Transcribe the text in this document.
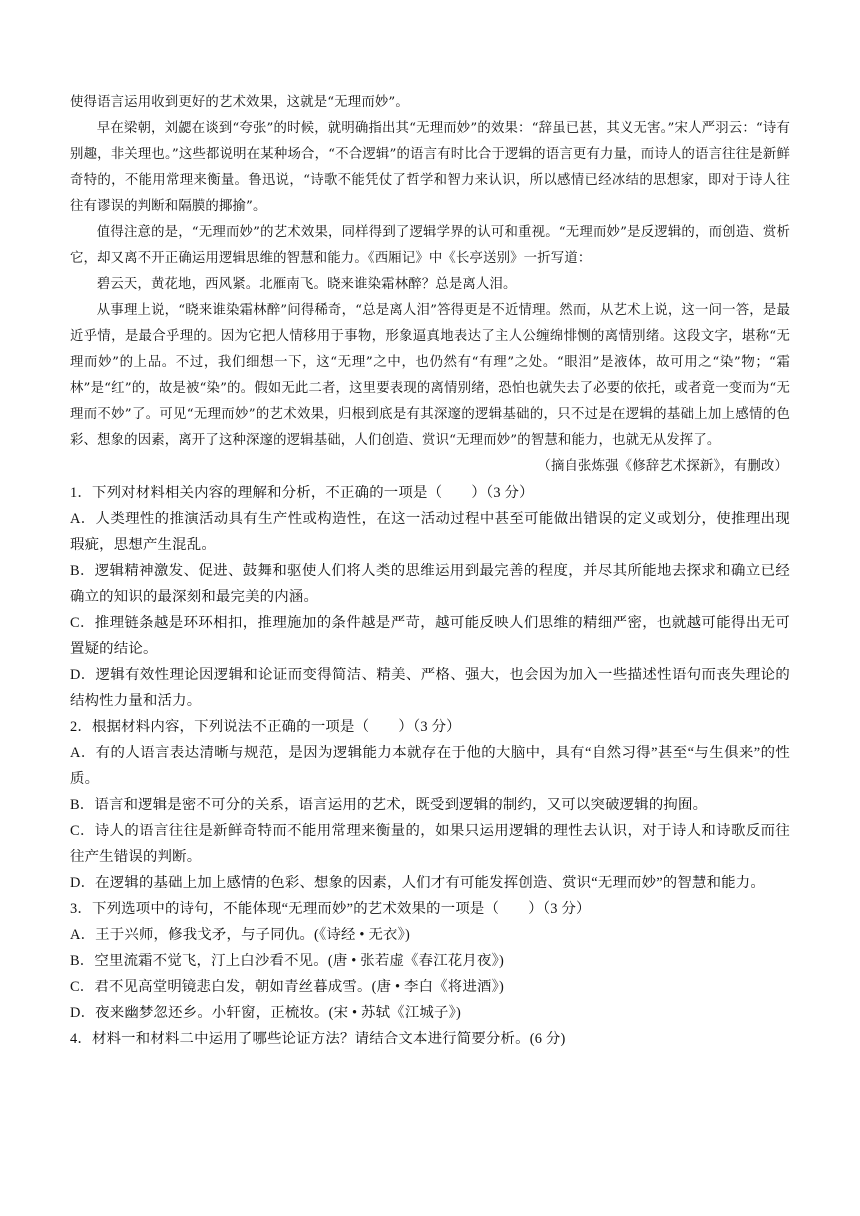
使得语言运用收到更好的艺术效果，这就是“无理而妙”。

早在梁朝，刘勰在谈到“夸张”的时候，就明确指出其“无理而妙”的效果：“辞虽已甚，其义无害。”宋人严羽云：“诗有别趣，非关理也。”这些都说明在某种场合，“不合逻辑”的语言有时比合于逻辑的语言更有力量，而诗人的语言往往是新鲜奇特的，不能用常理来衡量。鲁迅说，“诗歌不能凭仗了哲学和智力来认识，所以感情已经冰结的思想家，即对于诗人往往有谬误的判断和隔膜的揶揄”。

值得注意的是，“无理而妙”的艺术效果，同样得到了逻辑学界的认可和重视。“无理而妙”是反逻辑的，而创造、赏析它，却又离不开正确运用逻辑思维的智慧和能力。《西厢记》中《长亭送别》一折写道：

碧云天，黄花地，西风紧。北雁南飞。晓来谁染霜林醉？总是离人泪。

从事理上说，“晓来谁染霜林醉”问得稀奇，“总是离人泪”答得更是不近情理。然而，从艺术上说，这一问一答，是最近乎情，是最合乎理的。因为它把人情移用于事物，形象逼真地表达了主人公缠绵悱恻的离情别绪。这段文字，堪称“无理而妙”的上品。不过，我们细想一下，这“无理”之中，也仍然有“有理”之处。“眼泪”是液体，故可用之“染”物；“霜林”是“红”的，故是被“染”的。假如无此二者，这里要表现的离情别绪，恐怕也就失去了必要的依托，或者竟一变而为“无理而不妙”了。可见“无理而妙”的艺术效果，归根到底是有其深邃的逻辑基础的，只不过是在逻辑的基础上加上感情的色彩、想象的因素，离开了这种深邃的逻辑基础，人们创造、赏识“无理而妙”的智慧和能力，也就无从发挥了。

（摘自张炼强《修辞艺术探新》，有删改）

1．下列对材料相关内容的理解和分析，不正确的一项是（　　）（3 分）

A．人类理性的推演活动具有生产性或构造性，在这一活动过程中甚至可能做出错误的定义或划分，使推理出现瑕疵，思想产生混乱。

B．逻辑精神激发、促进、鼓舞和驱使人们将人类的思维运用到最完善的程度，并尽其所能地去探求和确立已经确立的知识的最深刻和最完美的内涵。

C．推理链条越是环环相扣，推理施加的条件越是严苛，越可能反映人们思维的精细严密，也就越可能得出无可置疑的结论。

D．逻辑有效性理论因逻辑和论证而变得简洁、精美、严格、强大，也会因为加入一些描述性语句而丧失理论的结构性力量和活力。

2．根据材料内容，下列说法不正确的一项是（　　）（3 分）

A．有的人语言表达清晰与规范，是因为逻辑能力本就存在于他的大脑中，具有“自然习得”甚至“与生俱来”的性质。

B．语言和逻辑是密不可分的关系，语言运用的艺术，既受到逻辑的制约，又可以突破逻辑的拘囿。

C．诗人的语言往往是新鲜奇特而不能用常理来衡量的，如果只运用逻辑的理性去认识，对于诗人和诗歌反而往往产生错误的判断。

D．在逻辑的基础上加上感情的色彩、想象的因素，人们才有可能发挥创造、赏识“无理而妙”的智慧和能力。

3．下列选项中的诗句，不能体现“无理而妙”的艺术效果的一项是（　　）（3 分）

A．王于兴师，修我戈矛，与子同仇。(《诗经 • 无衣》)

B．空里流霜不觉飞，汀上白沙看不见。(唐 • 张若虚《春江花月夜》)

C．君不见高堂明镜悲白发，朝如青丝暮成雪。(唐 • 李白《将进酒》)

D．夜来幽梦忽还乡。小轩窗，正梳妆。(宋 • 苏轼《江城子》)

4．材料一和材料二中运用了哪些论证方法？请结合文本进行简要分析。(6 分)
